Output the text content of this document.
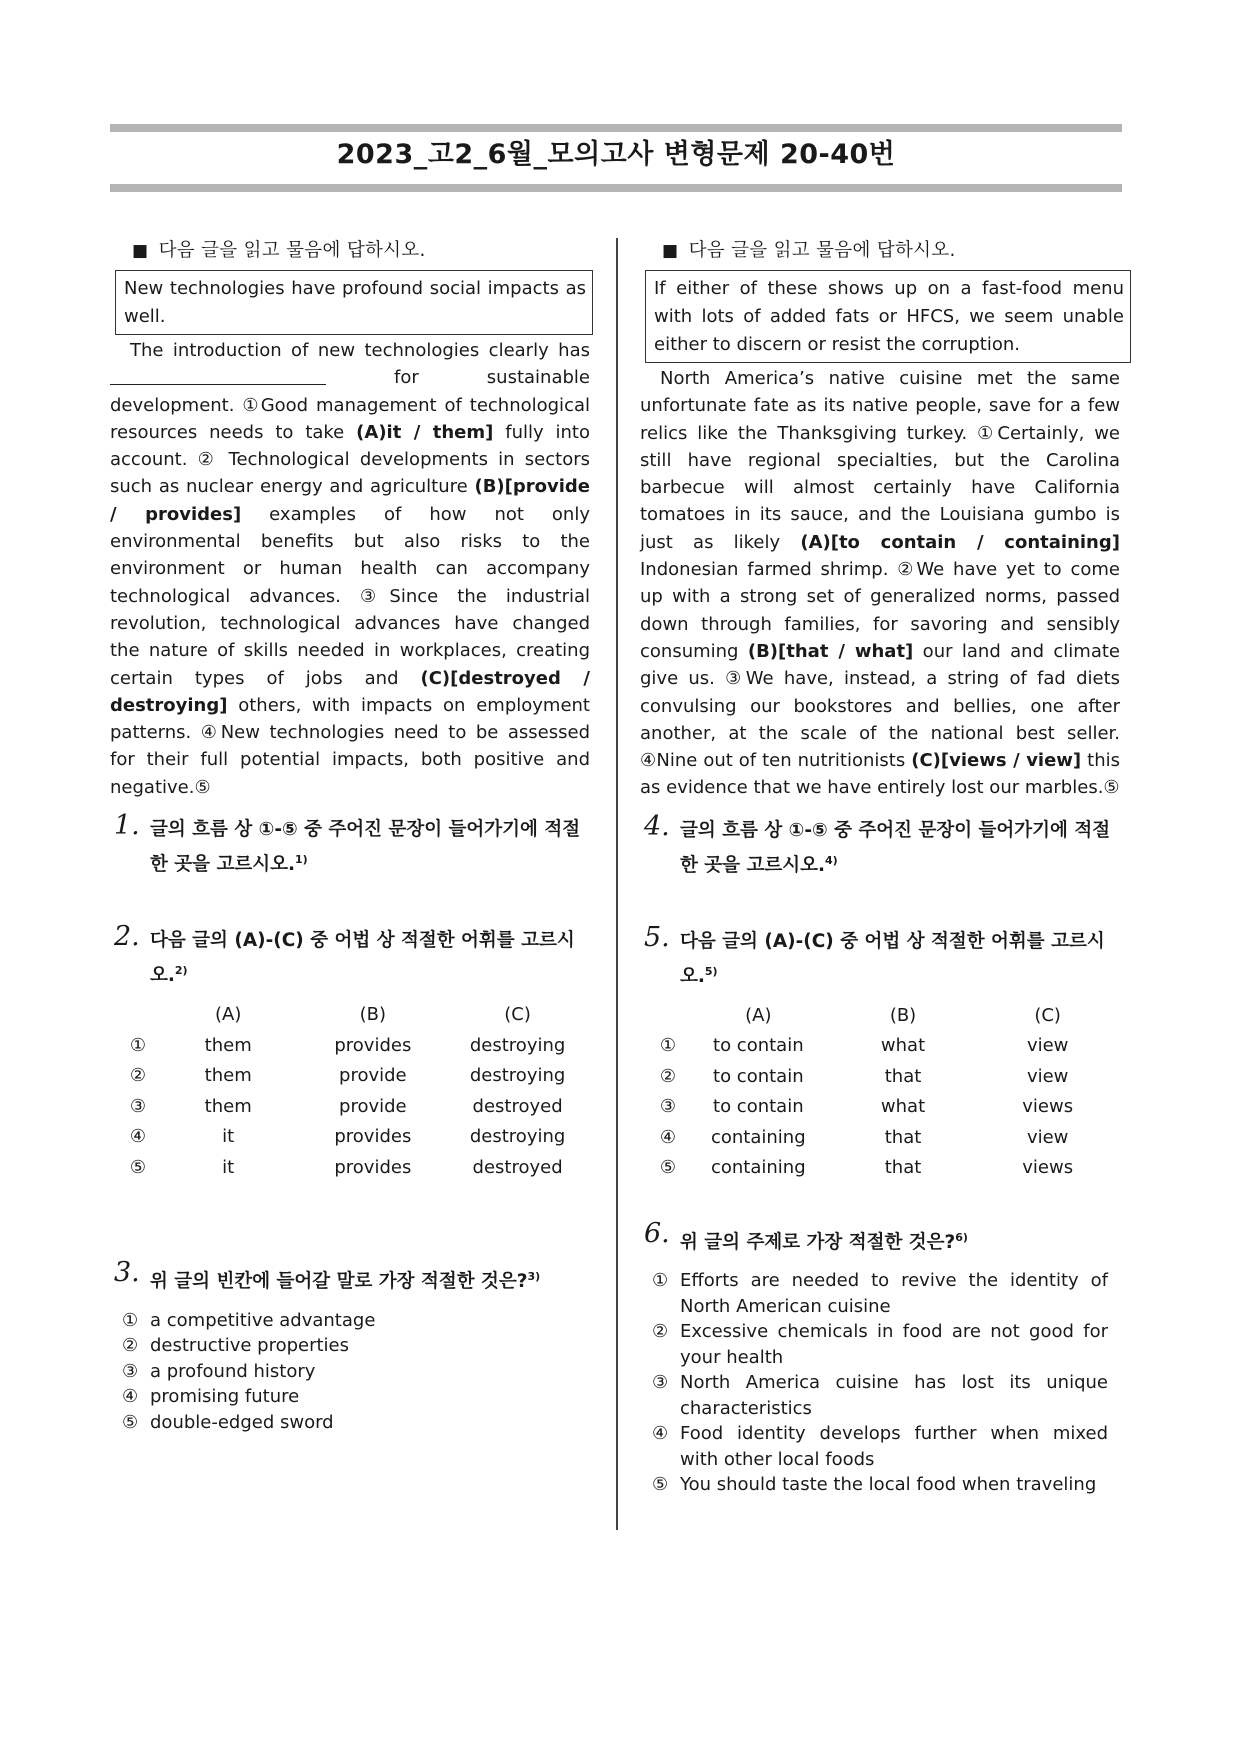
2023_고2_6월_모의고사 변형문제 20-40번
■ 다음 글을 읽고 물음에 답하시오.
New technologies have profound social impacts as well.

The introduction of new technologies clearly has  for sustainable development. ①Good management of technological resources needs to take (A)it / them] fully into account. ② Technological developments in sectors such as nuclear energy and agriculture (B)[provide / provides] examples of how not only environmental benefits but also risks to the environment or human health can accompany technological advances. ③Since the industrial revolution, technological advances have changed the nature of skills needed in workplaces, creating certain types of jobs and (C)[destroyed / destroying] others, with impacts on employment patterns. ④New technologies need to be assessed for their full potential impacts, both positive and negative.⑤

1. 글의 흐름 상 ①-⑤ 중 주어진 문장이 들어가기에 적절한 곳을 고르시오.$^{1)}$
2. 다음 글의 (A)-(C) 중 어법 상 적절한 어휘를 고르시오.$^{2)}$
	(A)	(B)	(C)
①	them	provides	destroying
②	them	provide	destroying
③	them	provide	destroyed
④	it	provides	destroying
⑤	it	provides	destroyed
3. 위 글의 빈칸에 들어갈 말로 가장 적절한 것은?$^{3)}$
① a competitive advantage
② destructive properties
③ a profound history
④ promising future
⑤ double-edged sword
■ 다음 글을 읽고 물음에 답하시오.
If either of these shows up on a fast-food menu with lots of added fats or HFCS, we seem unable either to discern or resist the corruption.

North America’s native cuisine met the same unfortunate fate as its native people, save for a few relics like the Thanksgiving turkey. ①Certainly, we still have regional specialties, but the Carolina barbecue will almost certainly have California tomatoes in its sauce, and the Louisiana gumbo is just as likely (A)[to contain / containing] Indonesian farmed shrimp. ②We have yet to come up with a strong set of generalized norms, passed down through families, for savoring and sensibly consuming (B)[that / what] our land and climate give us. ③We have, instead, a string of fad diets convulsing our bookstores and bellies, one after another, at the scale of the national best seller. ④Nine out of ten nutritionists (C)[views / view] this as evidence that we have entirely lost our marbles.⑤

4. 글의 흐름 상 ①-⑤ 중 주어진 문장이 들어가기에 적절한 곳을 고르시오.$^{4)}$
5. 다음 글의 (A)-(C) 중 어법 상 적절한 어휘를 고르시오.$^{5)}$
	(A)	(B)	(C)
①	to contain	what	view
②	to contain	that	view
③	to contain	what	views
④	containing	that	view
⑤	containing	that	views
6. 위 글의 주제로 가장 적절한 것은?$^{6)}$
① Efforts are needed to revive the identity of North American cuisine
② Excessive chemicals in food are not good for your health
③ North America cuisine has lost its unique characteristics
④ Food identity develops further when mixed with other local foods
⑤ You should taste the local food when traveling
